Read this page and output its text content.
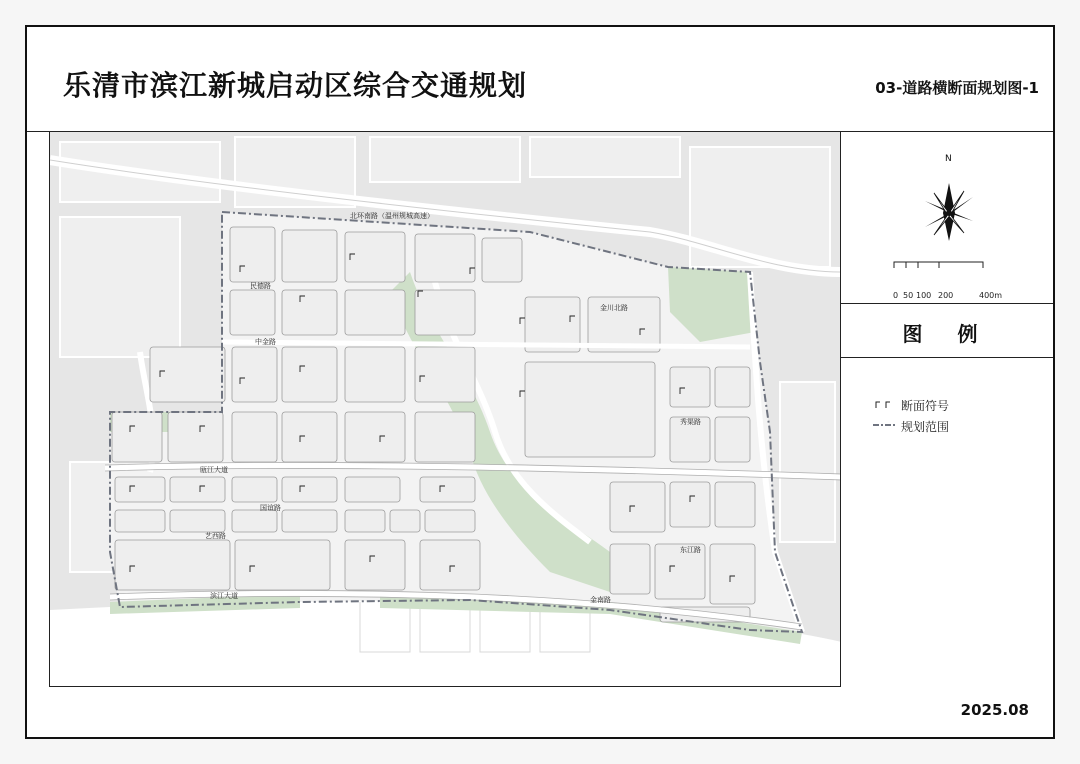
乐清市滨江新城启动区综合交通规划	03-道路横断面规划图-1
北环南路（温州规城高速）
民德路
中金路
瓯江大道
滨江大道
艺西路
国谊路
金川北路
金南路
东江路
秀渠路
N
0 50 100 200	400m
图 例
断面符号
规划范围
2025.08
